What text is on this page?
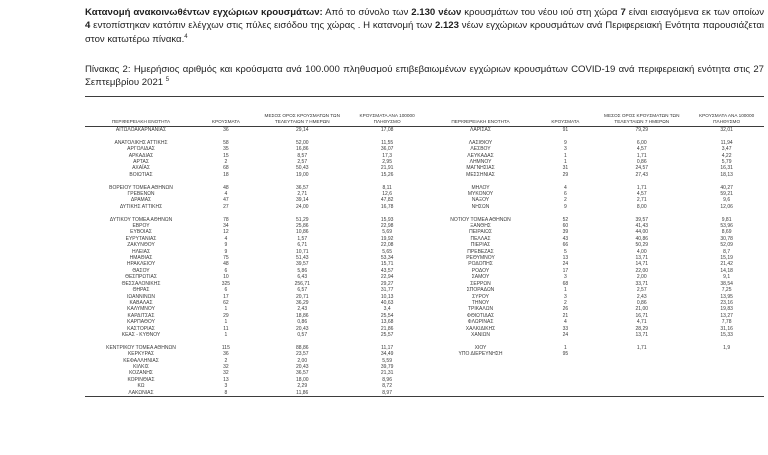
Κατανομή ανακοινωθέντων εγχώριων κρουσμάτων: Από το σύνολο των 2.130 νέων κρουσμάτων του νέου ιού στη χώρα 7 είναι εισαγόμενα εκ των οποίων 4 εντοπίστηκαν κατόπιν ελέγχων στις πύλες εισόδου της χώρας . Η κατανομή των 2.123 νέων εγχώριων κρουσμάτων ανά Περιφερειακή Ενότητα παρουσιάζεται στον κατωτέρω πίνακα.$^4$

Πίνακας 2: Ημερήσιος αριθμός και κρούσματα ανά 100.000 πληθυσμού επιβεβαιωμένων εγχώριων κρουσμάτων COVID-19 ανά περιφερειακή ενότητα στις 27 Σεπτεμβρίου 2021 $^5$

ΠΕΡΙΦΕΡΕΙΑΚΗ ΕΝΟΤΗΤΑ	ΚΡΟΥΣΜΑΤΑ	ΜΕΣΟΣ ΟΡΟΣ ΚΡΟΥΣΜΑΤΩΝ ΤΩΝ ΤΕΛΕΥΤΑΙΩΝ 7 ΗΜΕΡΩΝ	ΚΡΟΥΣΜΑΤΑ ΑΝΑ 100000 ΠΛΗΘΥΣΜΟ
ΑΙΤΩΛΟΑΚΑΡΝΑΝΙΑΣ	36	29,14	17,08

ΑΝΑΤΟΛΙΚΗΣ ΑΤΤΙΚΗΣ	58	52,00	11,55
ΑΡΓΟΛΙΔΑΣ	35	16,86	36,07
ΑΡΚΑΔΙΑΣ	15	8,57	17,3
ΑΡΤΑΣ	2	2,57	2,95
ΑΧΑΪΑΣ	68	50,43	21,91
ΒΟΙΩΤΙΑΣ	18	19,00	15,26

ΒΟΡΕΙΟΥ ΤΟΜΕΑ ΑΘΗΝΩΝ	48	36,57	8,11
ΓΡΕΒΕΝΩΝ	4	2,71	12,6
ΔΡΑΜΑΣ	47	39,14	47,82
ΔΥΤΙΚΗΣ ΑΤΤΙΚΗΣ	27	24,00	16,78

ΔΥΤΙΚΟΥ ΤΟΜΕΑ ΑΘΗΝΩΝ	78	51,29	15,93
ΕΒΡΟΥ	34	25,86	22,98
ΕΥΒΟΙΑΣ	12	10,86	5,69
ΕΥΡΥΤΑΝΙΑΣ	4	1,57	19,92
ΖΑΚΥΝΘΟΥ	9	6,71	22,08
ΗΛΕΙΑΣ	9	10,71	5,65
ΗΜΑΘΙΑΣ	75	51,43	53,34
ΗΡΑΚΛΕΙΟΥ	48	39,57	15,71
ΘΑΣΟΥ	6	5,86	43,57
ΘΕΣΠΡΩΤΙΑΣ	10	6,43	22,94
ΘΕΣΣΑΛΟΝΙΚΗΣ	325	256,71	29,27
ΘΗΡΑΣ	6	6,57	31,77
ΙΩΑΝΝΙΝΩΝ	17	20,71	10,13
ΚΑΒΑΛΑΣ	62	36,29	40,63
ΚΑΛΥΜΝΟΥ	1	2,43	3,4
ΚΑΡΔΙΤΣΑΣ	29	18,86	25,54
ΚΑΡΠΑΘΟΥ	1	0,86	13,68
ΚΑΣΤΟΡΙΑΣ	11	20,43	21,86
ΚΕΑΣ - ΚΥΘΝΟΥ	1	0,57	25,57

ΚΕΝΤΡΙΚΟΥ ΤΟΜΕΑ ΑΘΗΝΩΝ	115	88,86	11,17
ΚΕΡΚΥΡΑΣ	36	23,57	34,49
ΚΕΦΑΛΛΗΝΙΑΣ	2	2,00	5,59
ΚΙΛΚΙΣ	32	20,43	39,79
ΚΟΖΑΝΗΣ	32	36,57	21,31
ΚΟΡΙΝΘΙΑΣ	13	18,00	8,96
ΚΩ	3	2,29	8,72
ΛΑΚΩΝΙΑΣ	8	11,86	8,97
ΠΕΡΙΦΕΡΕΙΑΚΗ ΕΝΟΤΗΤΑ	ΚΡΟΥΣΜΑΤΑ	ΜΕΣΟΣ ΟΡΟΣ ΚΡΟΥΣΜΑΤΩΝ ΤΩΝ ΤΕΛΕΥΤΑΙΩΝ 7 ΗΜΕΡΩΝ	ΚΡΟΥΣΜΑΤΑ ΑΝΑ 100000 ΠΛΗΘΥΣΜΟ
ΛΑΡΙΣΑΣ	91	79,29	32,01

ΛΑΣΙΘΙΟΥ	9	6,00	11,94
ΛΕΣΒΟΥ	3	4,57	3,47
ΛΕΥΚΑΔΑΣ	1	1,71	4,22
ΛΗΜΝΟΥ	1	0,86	5,79
ΜΑΓΝΗΣΙΑΣ	31	24,57	16,31
ΜΕΣΣΗΝΙΑΣ	29	27,43	18,13

ΜΗΛΟΥ	4	1,71	40,27
ΜΥΚΟΝΟΥ	6	4,57	59,21
ΝΑΞΟΥ	2	2,71	9,6
ΝΗΣΩΝ	9	8,00	12,06

ΝΟΤΙΟΥ ΤΟΜΕΑ ΑΘΗΝΩΝ	52	39,57	9,81
ΞΑΝΘΗΣ	60	41,43	53,96
ΠΕΙΡΑΙΩΣ	39	44,00	8,69
ΠΕΛΛΑΣ	43	40,86	30,78
ΠΙΕΡΙΑΣ	66	50,29	52,09
ΠΡΕΒΕΖΑΣ	5	4,00	8,7
ΡΕΘΥΜΝΟΥ	13	13,71	15,19
ΡΟΔΟΠΗΣ	24	14,71	21,42
ΡΟΔΟΥ	17	22,00	14,18
ΣΑΜΟΥ	3	2,00	9,1
ΣΕΡΡΩΝ	68	33,71	38,54
ΣΠΟΡΑΔΩΝ	1	2,57	7,25
ΣΥΡΟΥ	3	2,43	13,95
ΤΗΝΟΥ	2	0,86	23,16
ΤΡΙΚΑΛΩΝ	26	21,00	19,83
ΦΘΙΩΤΙΔΑΣ	21	16,71	13,27
ΦΛΩΡΙΝΑΣ	4	4,71	7,78
ΧΑΛΚΙΔΙΚΗΣ	33	28,29	31,16
ΧΑΝΙΩΝ	24	13,71	15,33

ΧΙΟΥ	1	1,71	1,9
ΥΠΟ ΔΙΕΡΕΥΝΗΣΗ	95		
